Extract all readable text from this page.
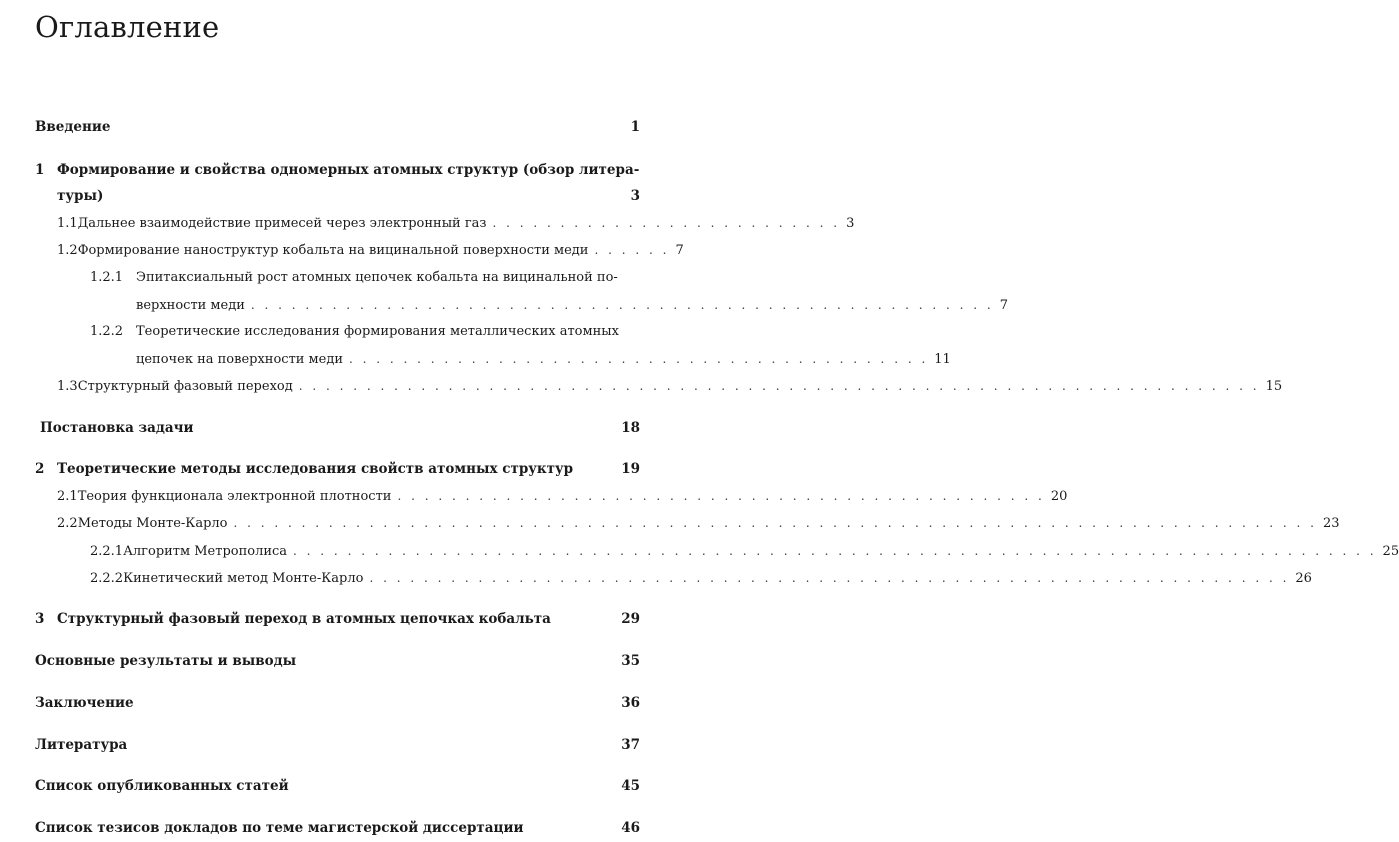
Оглавление
Введение	1
1 Формирование и свойства одномерных атомных структур (обзор литера-
туры)	3
1.1 Дальнее взаимодействие примесей через электронный газ . . . . . . . . . . . . . . . . . . . . . . . . . . 3
1.2 Формирование наноструктур кобальта на вицинальной поверхности меди . . . . . . 7
1.2.1 Эпитаксиальный рост атомных цепочек кобальта на вицинальной по-
верхности меди . . . . . . . . . . . . . . . . . . . . . . . . . . . . . . . . . . . . . . . . . . . . . . . . . . . . . . . 7
1.2.2 Теоретические исследования формирования металлических атомных
цепочек на поверхности меди . . . . . . . . . . . . . . . . . . . . . . . . . . . . . . . . . . . . . . . . . . . 11
1.3 Структурный фазовый переход . . . . . . . . . . . . . . . . . . . . . . . . . . . . . . . . . . . . . . . . . . . . . . . . . . . . . . . . . . . . . . . . . . . . . . . 15
Постановка задачи	18
2 Теоретические методы исследования свойств атомных структур	19
2.1 Теория функционала электронной плотности . . . . . . . . . . . . . . . . . . . . . . . . . . . . . . . . . . . . . . . . . . . . . . . . 20
2.2 Методы Монте-Карло . . . . . . . . . . . . . . . . . . . . . . . . . . . . . . . . . . . . . . . . . . . . . . . . . . . . . . . . . . . . . . . . . . . . . . . . . . . . . . . . 23
2.2.1 Алгоритм Метрополиса . . . . . . . . . . . . . . . . . . . . . . . . . . . . . . . . . . . . . . . . . . . . . . . . . . . . . . . . . . . . . . . . . . . . . . . . . . . . . . . . 25
2.2.2 Кинетический метод Монте-Карло . . . . . . . . . . . . . . . . . . . . . . . . . . . . . . . . . . . . . . . . . . . . . . . . . . . . . . . . . . . . . . . . . . . . 26
3 Структурный фазовый переход в атомных цепочках кобальта	29
Основные результаты и выводы	35
Заключение	36
Литература	37
Список опубликованных статей	45
Список тезисов докладов по теме магистерской диссертации	46
